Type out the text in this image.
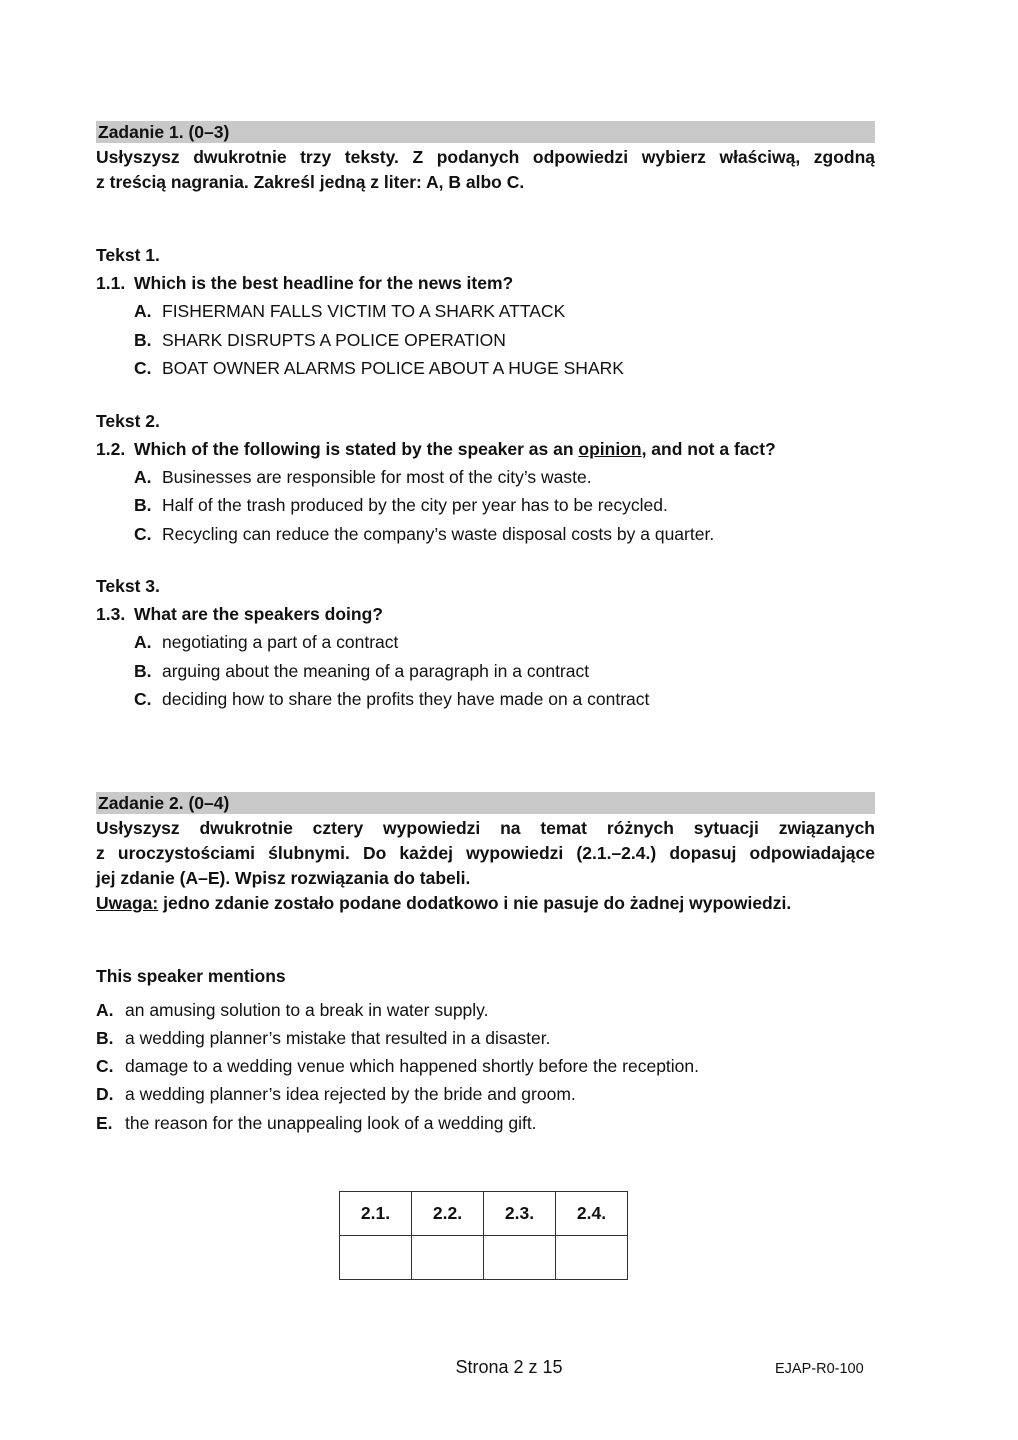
Zadanie 1. (0–3)
Usłyszysz dwukrotnie trzy teksty. Z podanych odpowiedzi wybierz właściwą, zgodną
z treścią nagrania. Zakreśl jedną z liter: A, B albo C.
Tekst 1.
1.1. Which is the best headline for the news item?
A. FISHERMAN FALLS VICTIM TO A SHARK ATTACK
B. SHARK DISRUPTS A POLICE OPERATION
C. BOAT OWNER ALARMS POLICE ABOUT A HUGE SHARK
Tekst 2.
1.2. Which of the following is stated by the speaker as an opinion, and not a fact?
A. Businesses are responsible for most of the city’s waste.
B. Half of the trash produced by the city per year has to be recycled.
C. Recycling can reduce the company’s waste disposal costs by a quarter.
Tekst 3.
1.3. What are the speakers doing?
A. negotiating a part of a contract
B. arguing about the meaning of a paragraph in a contract
C. deciding how to share the profits they have made on a contract
Zadanie 2. (0–4)
Usłyszysz dwukrotnie cztery wypowiedzi na temat różnych sytuacji związanych
z uroczystościami ślubnymi. Do każdej wypowiedzi (2.1.–2.4.) dopasuj odpowiadające
jej zdanie (A–E). Wpisz rozwiązania do tabeli.
Uwaga: jedno zdanie zostało podane dodatkowo i nie pasuje do żadnej wypowiedzi.
This speaker mentions
A. an amusing solution to a break in water supply.
B. a wedding planner’s mistake that resulted in a disaster.
C. damage to a wedding venue which happened shortly before the reception.
D. a wedding planner’s idea rejected by the bride and groom.
E. the reason for the unappealing look of a wedding gift.
2.1.	2.2.	2.3.	2.4.

Strona 2 z 15	EJAP-R0-100
